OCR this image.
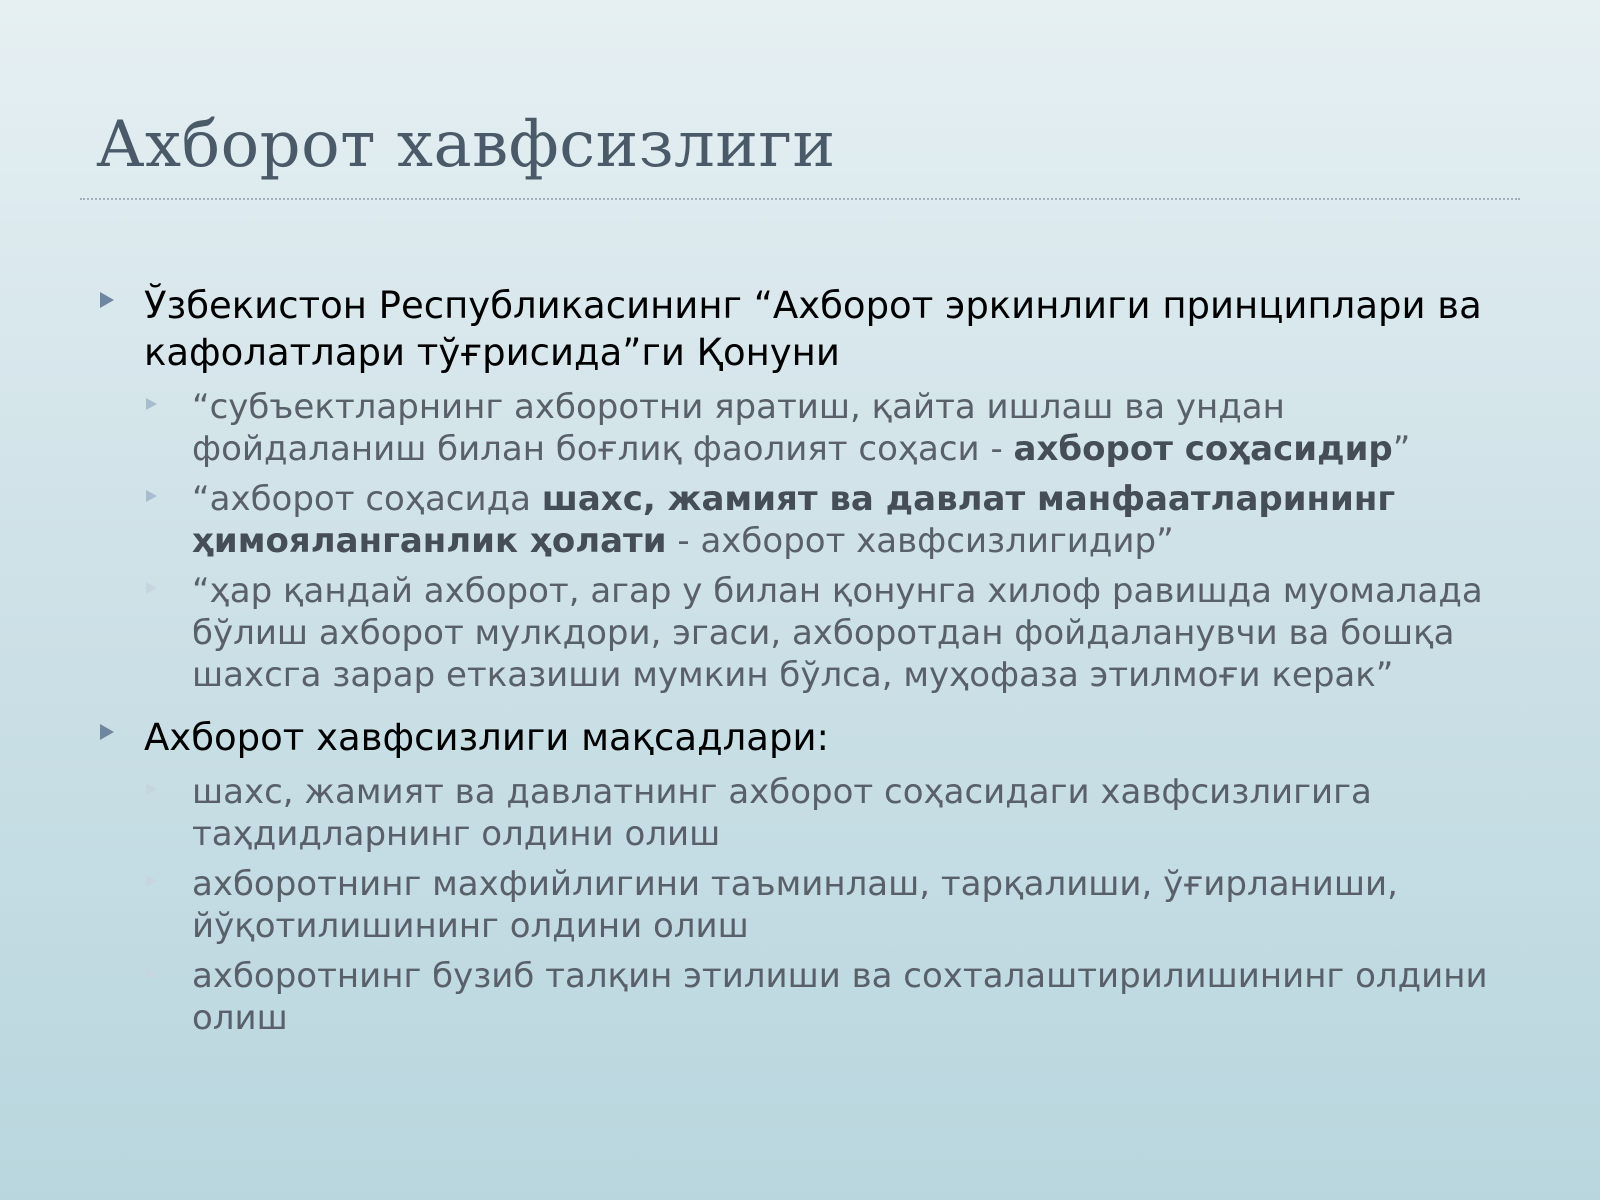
Ахборот хавфсизлиги
Ўзбекистон Республикасининг “Ахборот эркинлиги принциплари ва кафолатлари тўғрисида”ги Қонуни
“субъектларнинг ахборотни яратиш, қайта ишлаш ва ундан фойдаланиш билан боғлиқ фаолият соҳаси - ахборот соҳасидир”
“ахборот соҳасида шахс, жамият ва давлат манфаатларининг ҳимояланганлик ҳолати - ахборот хавфсизлигидир”
“ҳар қандай ахборот, агар у билан қонунга хилоф равишда муомалада бўлиш ахборот мулкдори, эгаси, ахборотдан фойдаланувчи ва бошқа шахсга зарар етказиши мумкин бўлса, муҳофаза этилмоғи керак”
Ахборот хавфсизлиги мақсадлари:
шахс, жамият ва давлатнинг ахборот соҳасидаги хавфсизлигига таҳдидларнинг олдини олиш
ахборотнинг махфийлигини таъминлаш, тарқалиши, ўғирланиши, йўқотилишининг олдини олиш
ахборотнинг бузиб талқин этилиши ва сохталаштирилишининг олдини олиш
